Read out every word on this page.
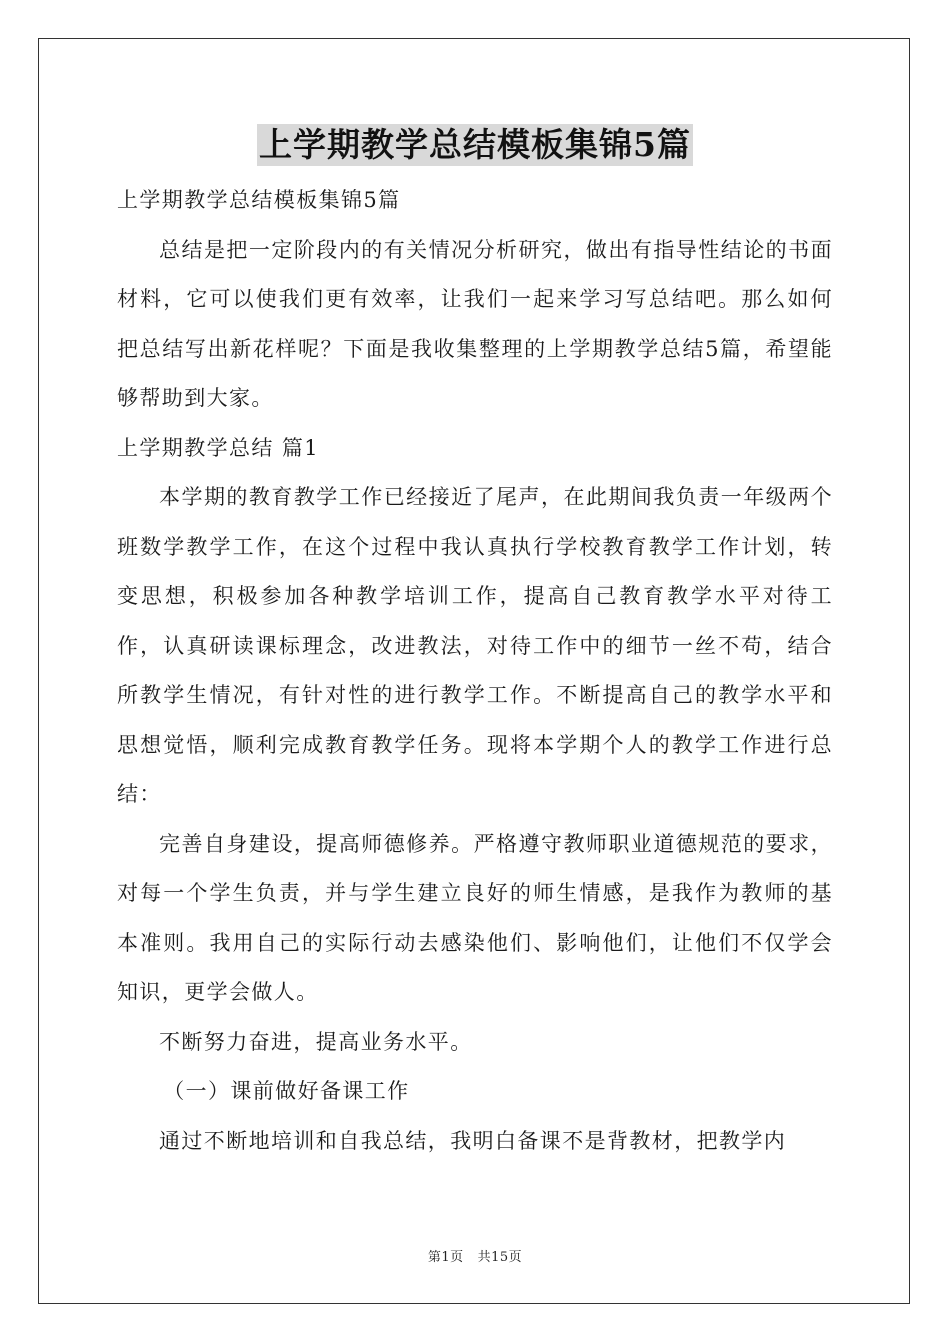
上学期教学总结模板集锦5篇

上学期教学总结模板集锦5篇

总结是把一定阶段内的有关情况分析研究，做出有指导性结论的书面材料，它可以使我们更有效率，让我们一起来学习写总结吧。那么如何把总结写出新花样呢？下面是我收集整理的上学期教学总结5篇，希望能够帮助到大家。

上学期教学总结 篇1

本学期的教育教学工作已经接近了尾声，在此期间我负责一年级两个班数学教学工作，在这个过程中我认真执行学校教育教学工作计划，转变思想，积极参加各种教学培训工作，提高自己教育教学水平对待工作，认真研读课标理念，改进教法，对待工作中的细节一丝不苟，结合所教学生情况，有针对性的进行教学工作。不断提高自己的教学水平和思想觉悟，顺利完成教育教学任务。现将本学期个人的教学工作进行总结：

完善自身建设，提高师德修养。严格遵守教师职业道德规范的要求，对每一个学生负责，并与学生建立良好的师生情感，是我作为教师的基本准则。我用自己的实际行动去感染他们、影响他们，让他们不仅学会知识，更学会做人。

不断努力奋进，提高业务水平。

（一）课前做好备课工作

通过不断地培训和自我总结，我明白备课不是背教材，把教学内

第1页 共15页
